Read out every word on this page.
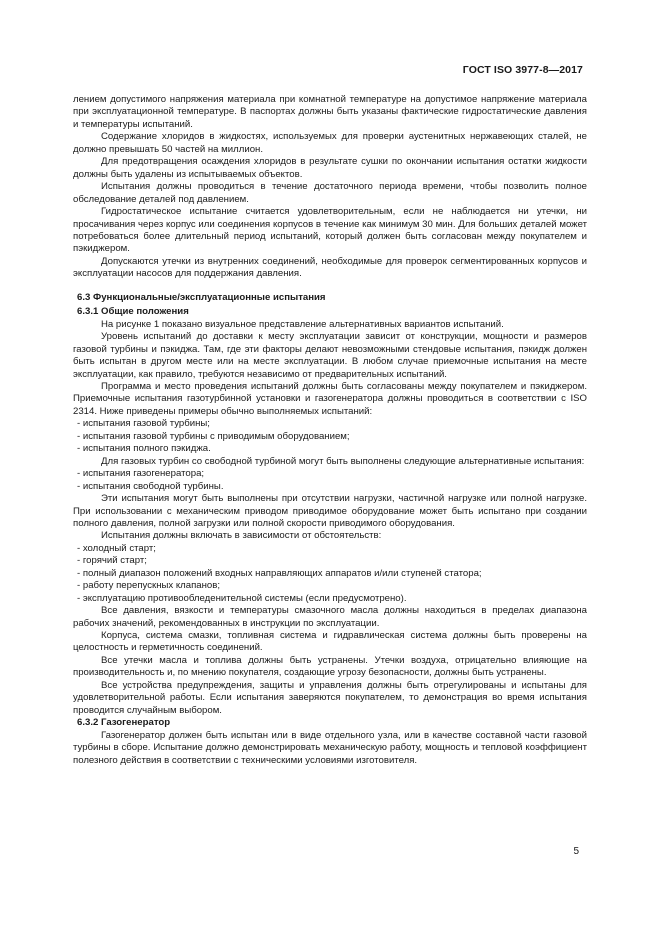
ГОСТ ISO 3977-8—2017

лением допустимого напряжения материала при комнатной температуре на допустимое напряжение материала при эксплуатационной температуре. В паспортах должны быть указаны фактические гидростатические давления и температуры испытаний.

Содержание хлоридов в жидкостях, используемых для проверки аустенитных нержавеющих сталей, не должно превышать 50 частей на миллион.

Для предотвращения осаждения хлоридов в результате сушки по окончании испытания остатки жидкости должны быть удалены из испытываемых объектов.

Испытания должны проводиться в течение достаточного периода времени, чтобы позволить полное обследование деталей под давлением.

Гидростатическое испытание считается удовлетворительным, если не наблюдается ни утечки, ни просачивания через корпус или соединения корпусов в течение как минимум 30 мин. Для больших деталей может потребоваться более длительный период испытаний, который должен быть согласован между покупателем и пэкиджером.

Допускаются утечки из внутренних соединений, необходимые для проверок сегментированных корпусов и эксплуатации насосов для поддержания давления.

6.3 Функциональные/эксплуатационные испытания
6.3.1 Общие положения

На рисунке 1 показано визуальное представление альтернативных вариантов испытаний.

Уровень испытаний до доставки к месту эксплуатации зависит от конструкции, мощности и размеров газовой турбины и пэкиджа. Там, где эти факторы делают невозможными стендовые испытания, пэкидж должен быть испытан в другом месте или на месте эксплуатации. В любом случае приемочные испытания на месте эксплуатации, как правило, требуются независимо от предварительных испытаний.

Программа и место проведения испытаний должны быть согласованы между покупателем и пэкиджером. Приемочные испытания газотурбинной установки и газогенератора должны проводиться в соответствии с ISO 2314. Ниже приведены примеры обычно выполняемых испытаний:

- испытания газовой турбины;

- испытания газовой турбины с приводимым оборудованием;

- испытания полного пэкиджа.

Для газовых турбин со свободной турбиной могут быть выполнены следующие альтернативные испытания:

- испытания газогенератора;

- испытания свободной турбины.

Эти испытания могут быть выполнены при отсутствии нагрузки, частичной нагрузке или полной нагрузке. При использовании с механическим приводом приводимое оборудование может быть испытано при создании полного давления, полной загрузки или полной скорости приводимого оборудования.

Испытания должны включать в зависимости от обстоятельств:

- холодный старт;

- горячий старт;

- полный диапазон положений входных направляющих аппаратов и/или ступеней статора;

- работу перепускных клапанов;

- эксплуатацию противообледенительной системы (если предусмотрено).

Все давления, вязкости и температуры смазочного масла должны находиться в пределах диапазона рабочих значений, рекомендованных в инструкции по эксплуатации.

Корпуса, система смазки, топливная система и гидравлическая система должны быть проверены на целостность и герметичность соединений.

Все утечки масла и топлива должны быть устранены. Утечки воздуха, отрицательно влияющие на производительность и, по мнению покупателя, создающие угрозу безопасности, должны быть устранены.

Все устройства предупреждения, защиты и управления должны быть отрегулированы и испытаны для удовлетворительной работы. Если испытания заверяются покупателем, то демонстрация во время испытания проводится случайным выбором.

6.3.2 Газогенератор

Газогенератор должен быть испытан или в виде отдельного узла, или в качестве составной части газовой турбины в сборе. Испытание должно демонстрировать механическую работу, мощность и тепловой коэффициент полезного действия в соответствии с техническими условиями изготовителя.

5
